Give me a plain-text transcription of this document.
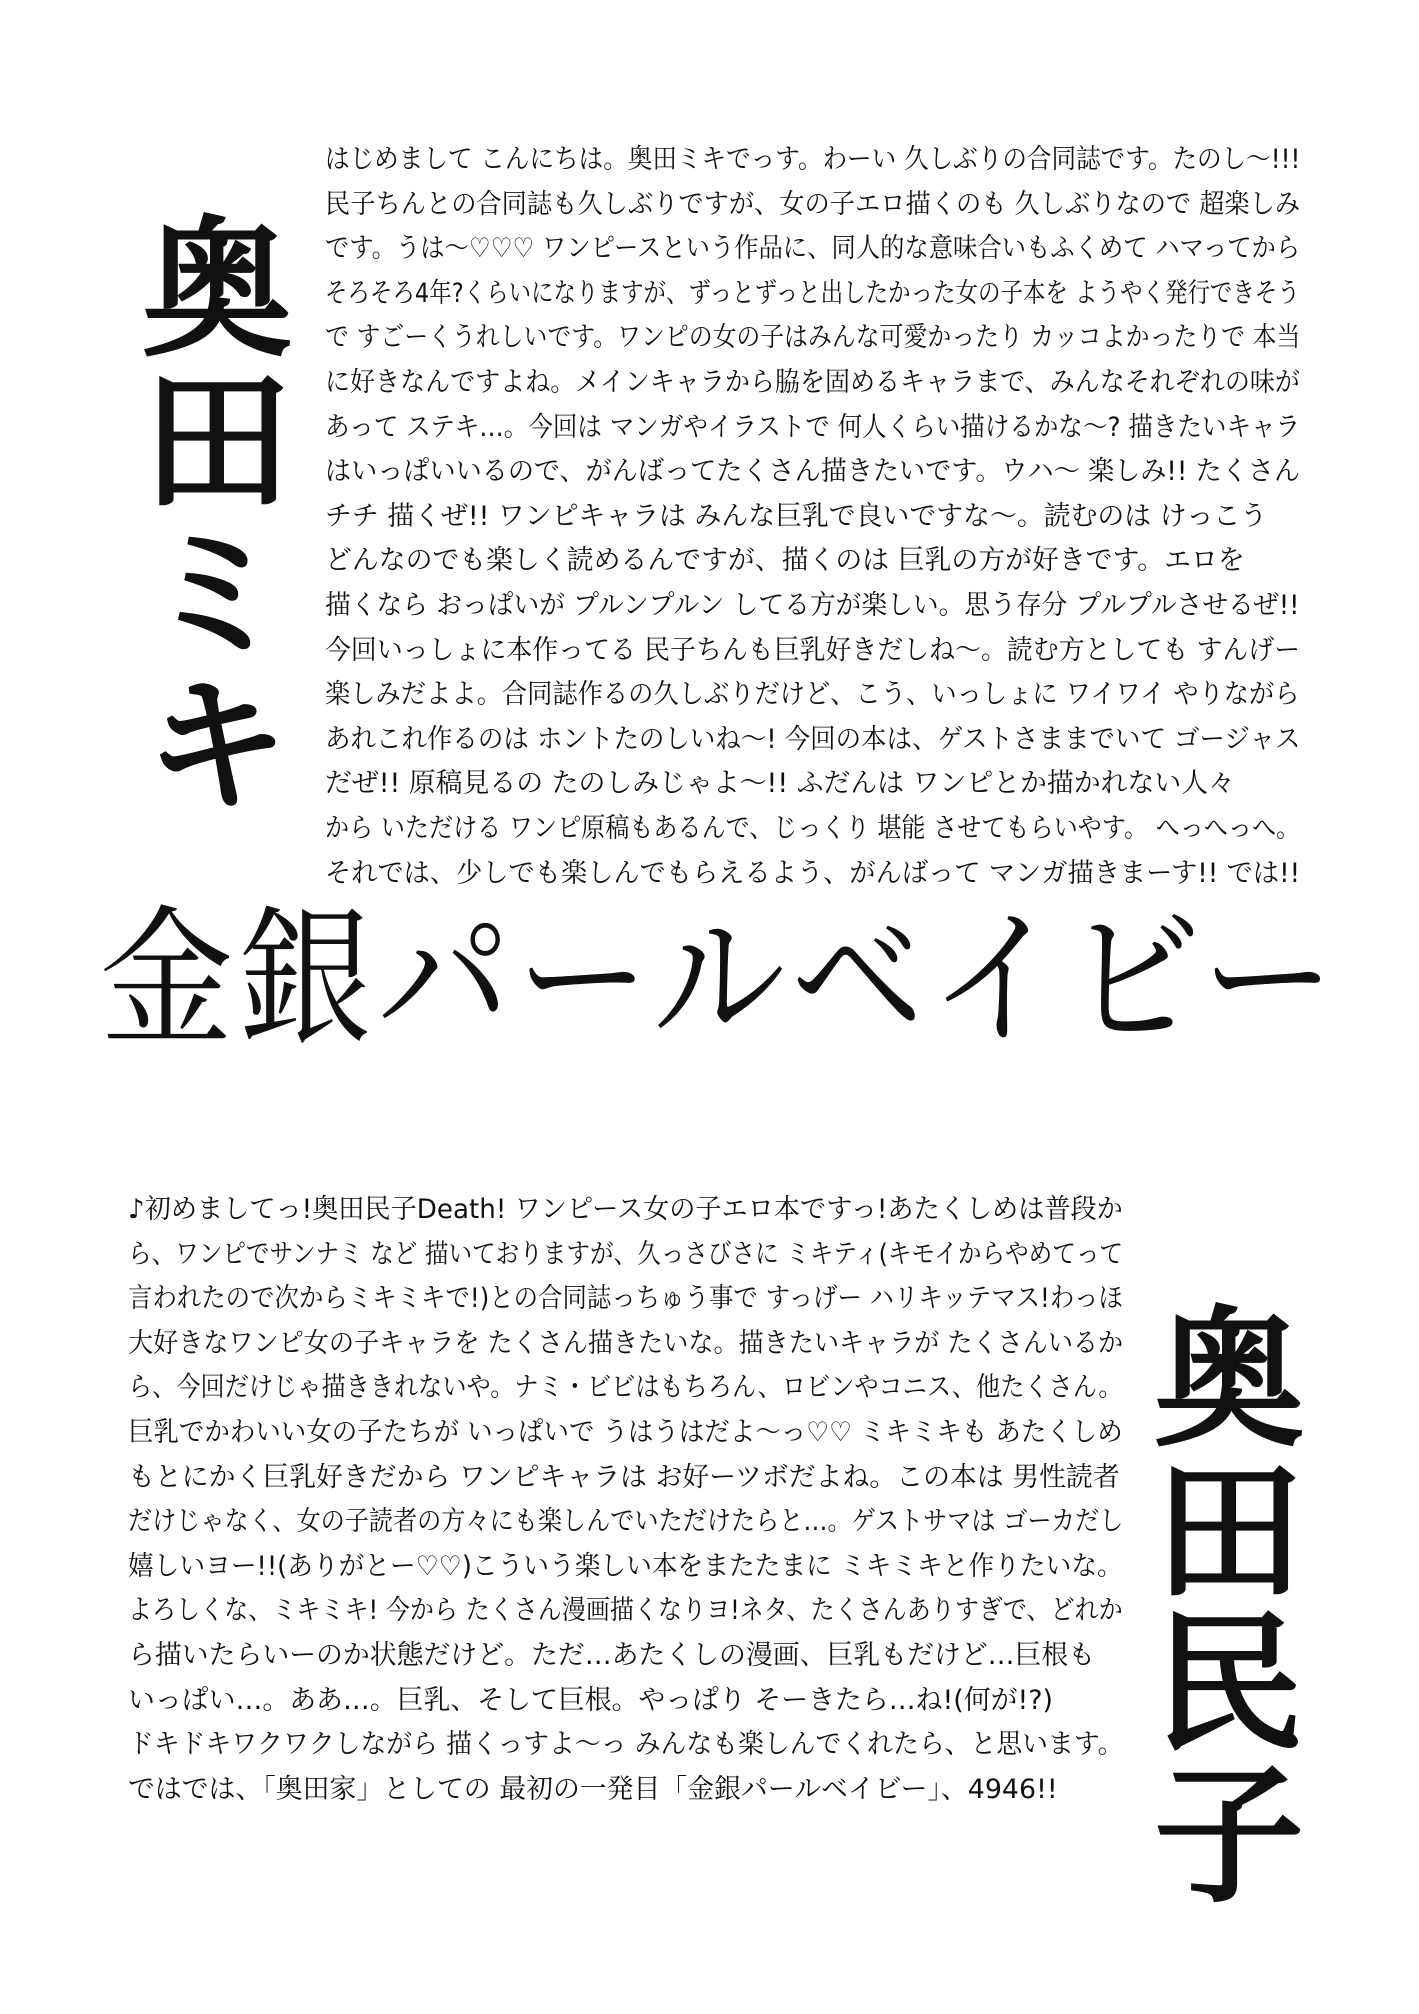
奥田ミキ
はじめまして こんにちは。奥田ミキでっす。わーい 久しぶりの合同誌です。たのし〜!!!
民子ちんとの合同誌も久しぶりですが、女の子エロ描くのも 久しぶりなので 超楽しみ
です。うは〜♡♡♡ ワンピースという作品に、同人的な意味合いもふくめて ハマってから
そろそろ4年?くらいになりますが、ずっとずっと出したかった女の子本を ようやく発行できそう
で すごーくうれしいです。ワンピの女の子はみんな可愛かったり カッコよかったりで 本当
に好きなんですよね。メインキャラから脇を固めるキャラまで、みんなそれぞれの味が
あって ステキ…。今回は マンガやイラストで 何人くらい描けるかな〜? 描きたいキャラ
はいっぱいいるので、がんばってたくさん描きたいです。ウハ〜 楽しみ!! たくさん
チチ 描くぜ!! ワンピキャラは みんな巨乳で良いですな〜。読むのは けっこう
どんなのでも楽しく読めるんですが、描くのは 巨乳の方が好きです。エロを
描くなら おっぱいが プルンプルン してる方が楽しい。思う存分 プルプルさせるぜ!!
今回いっしょに本作ってる 民子ちんも巨乳好きだしね〜。読む方としても すんげー
楽しみだよよ。合同誌作るの久しぶりだけど、こう、いっしょに ワイワイ やりながら
あれこれ作るのは ホントたのしいね〜! 今回の本は、ゲストさままでいて ゴージャス
だぜ!! 原稿見るの たのしみじゃよ〜!! ふだんは ワンピとか描かれない人々
から いただける ワンピ原稿もあるんで、じっくり 堪能 させてもらいやす。 へっへっへ。
それでは、少しでも楽しんでもらえるよう、がんばって マンガ描きまーす!! では!!
金銀パールベイビー
♪初めましてっ!奥田民子Death! ワンピース女の子エロ本ですっ!あたくしめは普段か
ら、ワンピでサンナミ など 描いておりますが、久っさびさに ミキティ(キモイからやめてって
言われたので次からミキミキで!)との合同誌っちゅう事で すっげー ハリキッテマス!わっほ
大好きなワンピ女の子キャラを たくさん描きたいな。描きたいキャラが たくさんいるか
ら、今回だけじゃ描ききれないや。ナミ・ビビはもちろん、ロビンやコニス、他たくさん。
巨乳でかわいい女の子たちが いっぱいで うはうはだよ〜っ♡♡ ミキミキも あたくしめ
もとにかく巨乳好きだから ワンピキャラは お好ーツボだよね。この本は 男性読者
だけじゃなく、女の子読者の方々にも楽しんでいただけたらと…。ゲストサマは ゴーカだし
嬉しいヨー!!(ありがとー♡♡)こういう楽しい本をまたたまに ミキミキと作りたいな。
よろしくな、ミキミキ! 今から たくさん漫画描くなりヨ!ネタ、たくさんありすぎで、どれか
ら描いたらいーのか状態だけど。ただ…あたくしの漫画、巨乳もだけど…巨根も
いっぱい…。ああ…。巨乳、そして巨根。やっぱり そーきたら…ね!(何が!?)
ドキドキワクワクしながら 描くっすよ〜っ みんなも楽しんでくれたら、と思います。
ではでは、「奥田家」としての 最初の一発目「金銀パールベイビー」、4946!! 奥田民子
